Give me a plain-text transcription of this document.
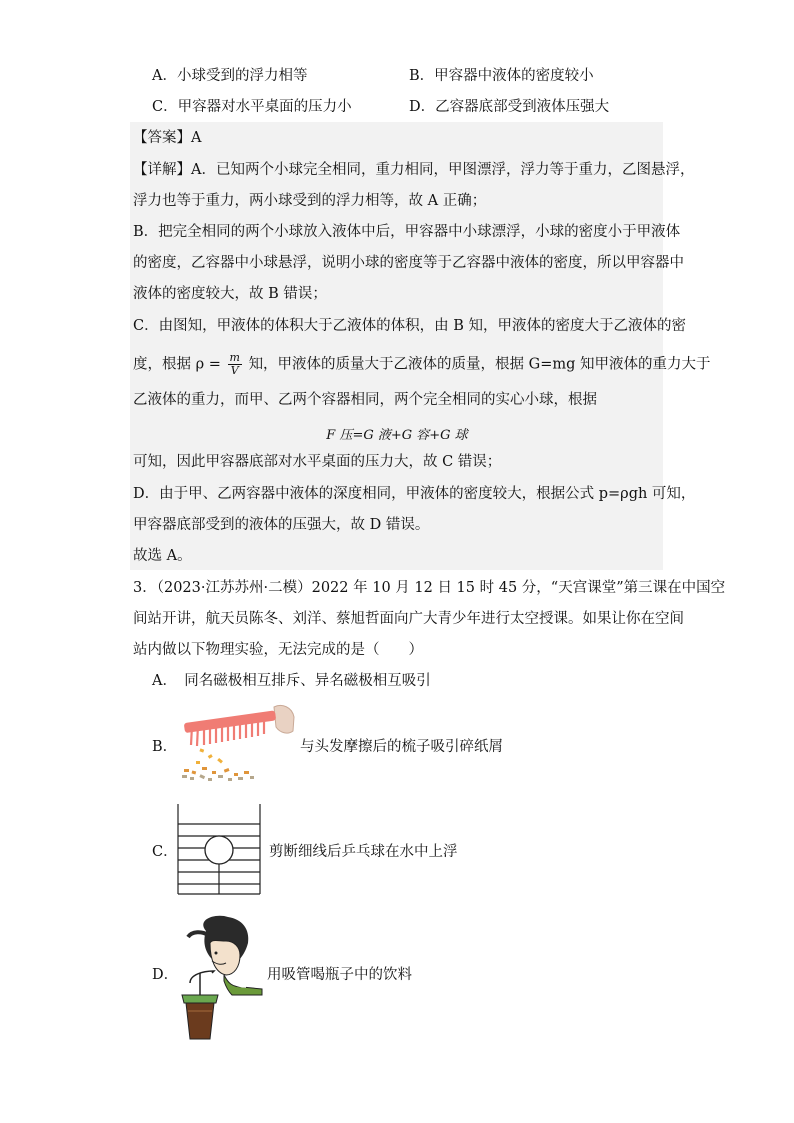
A．小球受到的浮力相等	B．甲容器中液体的密度较小
C．甲容器对水平桌面的压力小	D．乙容器底部受到液体压强大
【答案】A
【详解】A．已知两个小球完全相同，重力相同，甲图漂浮，浮力等于重力，乙图悬浮，
浮力也等于重力，两小球受到的浮力相等，故 A 正确；
B．把完全相同的两个小球放入液体中后，甲容器中小球漂浮，小球的密度小于甲液体
的密度，乙容器中小球悬浮，说明小球的密度等于乙容器中液体的密度，所以甲容器中
液体的密度较大，故 B 错误；
C．由图知，甲液体的体积大于乙液体的体积，由 B 知，甲液体的密度大于乙液体的密
度，根据 $\rho = \frac{m}{V}$ 知，甲液体的质量大于乙液体的质量，根据 G=mg 知甲液体的重力大于
乙液体的重力，而甲、乙两个容器相同，两个完全相同的实心小球，根据
F 压=G 液+G 容+G 球
可知，因此甲容器底部对水平桌面的压力大，故 C 错误；
D．由于甲、乙两容器中液体的深度相同，甲液体的密度较大，根据公式 p=ρgh 可知，
甲容器底部受到的液体的压强大，故 D 错误。
故选 A。
3．（2023·江苏苏州·二模）2022 年 10 月 12 日 15 时 45 分，“天宫课堂”第三课在中国空
间站开讲，航天员陈冬、刘洋、蔡旭哲面向广大青少年进行太空授课。如果让你在空间
站内做以下物理实验，无法完成的是（　　）
A．　同名磁极相互排斥、异名磁极相互吸引
B．	与头发摩擦后的梳子吸引碎纸屑
C．	剪断细线后乒乓球在水中上浮
D．	用吸管喝瓶子中的饮料
